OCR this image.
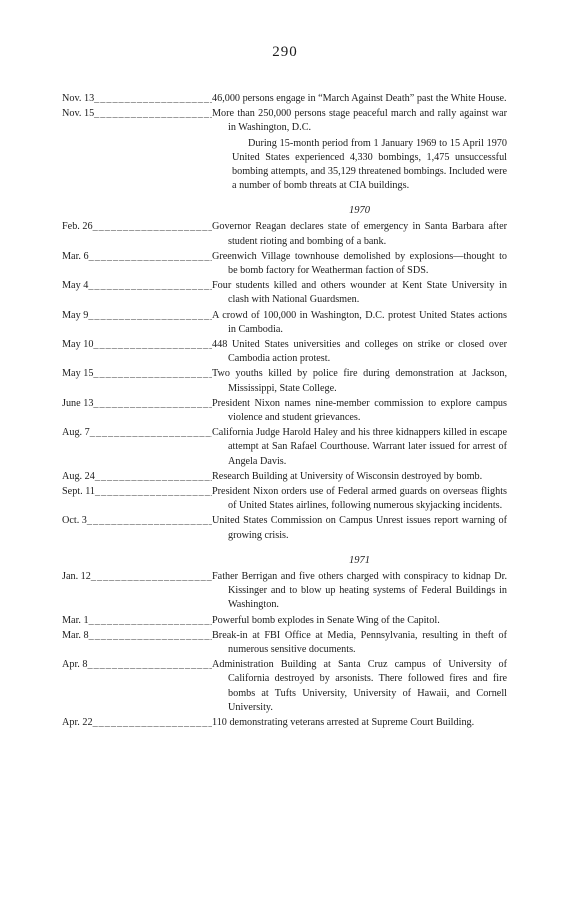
290
Nov. 13 _____	46,000 persons engage in “March Against Death” past the White House.
Nov. 15 _____	More than 250,000 persons stage peaceful march and rally against war in Washington, D.C.
During 15-month period from 1 January 1969 to 15 April 1970 United States experienced 4,330 bombings, 1,475 unsuccessful bombing attempts, and 35,129 threatened bombings. Included were a number of bomb threats at CIA buildings.
1970
Feb. 26 _____	Governor Reagan declares state of emergency in Santa Barbara after student rioting and bombing of a bank.
Mar. 6 _____	Greenwich Village townhouse demolished by explosions—thought to be bomb factory for Weatherman faction of SDS.
May 4 _____	Four students killed and others wounder at Kent State University in clash with National Guardsmen.
May 9 _____	A crowd of 100,000 in Washington, D.C. protest United States actions in Cambodia.
May 10 _____	448 United States universities and colleges on strike or closed over Cambodia action protest.
May 15 _____	Two youths killed by police fire during demonstration at Jackson, Mississippi, State College.
June 13 _____	President Nixon names nine-member commission to explore campus violence and student grievances.
Aug. 7 _____	California Judge Harold Haley and his three kidnappers killed in escape attempt at San Rafael Courthouse. Warrant later issued for arrest of Angela Davis.
Aug. 24 _____	Research Building at University of Wisconsin destroyed by bomb.
Sept. 11 _____	President Nixon orders use of Federal armed guards on overseas flights of United States airlines, following numerous skyjacking incidents.
Oct. 3 _____	United States Commission on Campus Unrest issues report warning of growing crisis.
1971
Jan. 12 _____	Father Berrigan and five others charged with conspiracy to kidnap Dr. Kissinger and to blow up heating systems of Federal Buildings in Washington.
Mar. 1 _____	Powerful bomb explodes in Senate Wing of the Capitol.
Mar. 8 _____	Break-in at FBI Office at Media, Pennsylvania, resulting in theft of numerous sensitive documents.
Apr. 8 _____	Administration Building at Santa Cruz campus of University of California destroyed by arsonists. There followed fires and fire bombs at Tufts University, University of Hawaii, and Cornell University.
Apr. 22 _____	110 demonstrating veterans arrested at Supreme Court Building.
